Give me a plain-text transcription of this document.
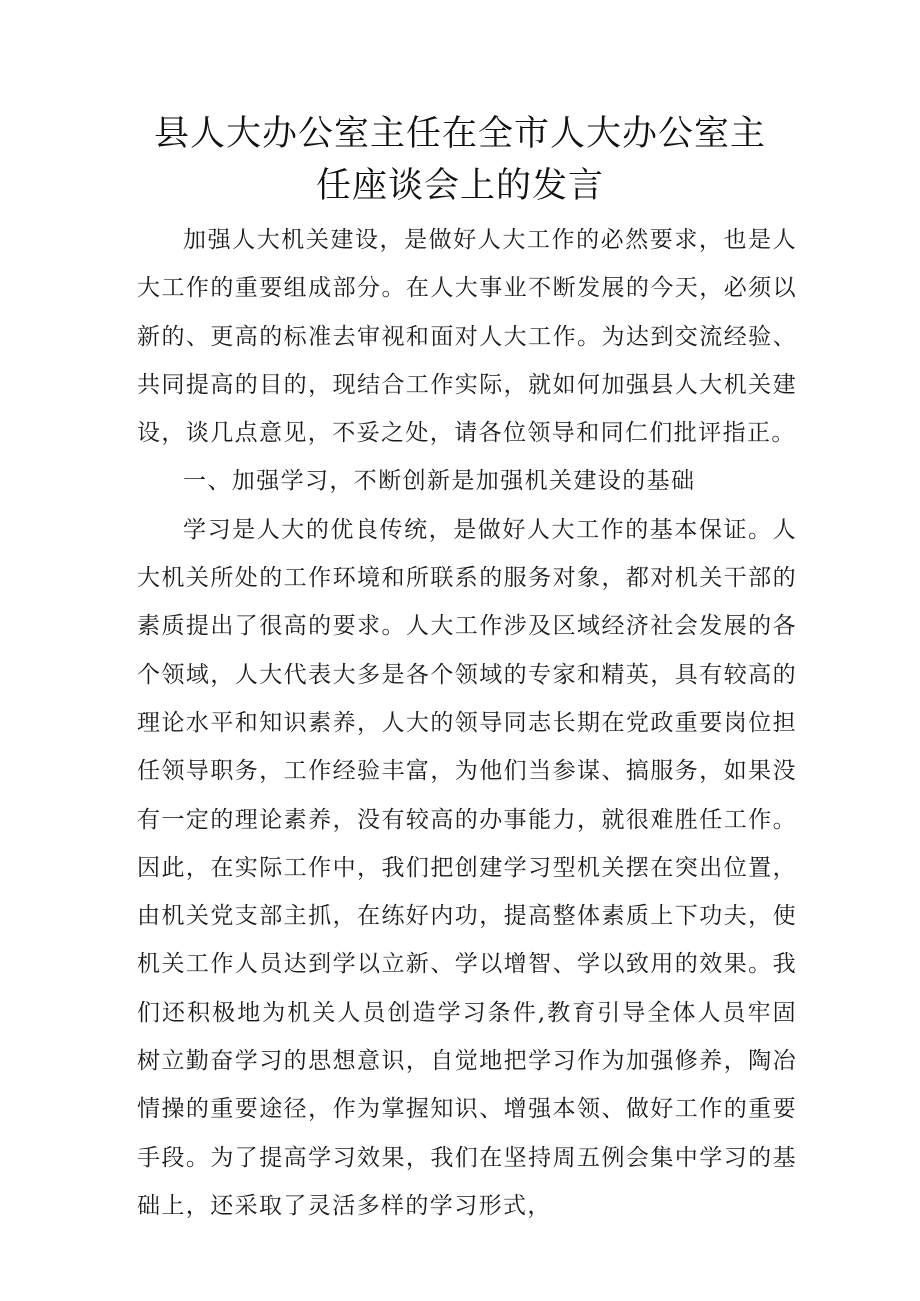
县人大办公室主任在全市人大办公室主
任座谈会上的发言

加强人大机关建设，是做好人大工作的必然要求，也是人大工作的重要组成部分。在人大事业不断发展的今天，必须以新的、更高的标准去审视和面对人大工作。为达到交流经验、共同提高的目的，现结合工作实际，就如何加强县人大机关建设，谈几点意见，不妥之处，请各位领导和同仁们批评指正。

一、加强学习，不断创新是加强机关建设的基础

学习是人大的优良传统，是做好人大工作的基本保证。人大机关所处的工作环境和所联系的服务对象，都对机关干部的素质提出了很高的要求。人大工作涉及区域经济社会发展的各个领域，人大代表大多是各个领域的专家和精英，具有较高的理论水平和知识素养，人大的领导同志长期在党政重要岗位担任领导职务，工作经验丰富，为他们当参谋、搞服务，如果没有一定的理论素养，没有较高的办事能力，就很难胜任工作。因此，在实际工作中，我们把创建学习型机关摆在突出位置，由机关党支部主抓，在练好内功，提高整体素质上下功夫，使机关工作人员达到学以立新、学以增智、学以致用的效果。我们还积极地为机关人员创造学习条件,教育引导全体人员牢固树立勤奋学习的思想意识，自觉地把学习作为加强修养，陶冶情操的重要途径，作为掌握知识、增强本领、做好工作的重要手段。为了提高学习效果，我们在坚持周五例会集中学习的基础上，还采取了灵活多样的学习形式，
